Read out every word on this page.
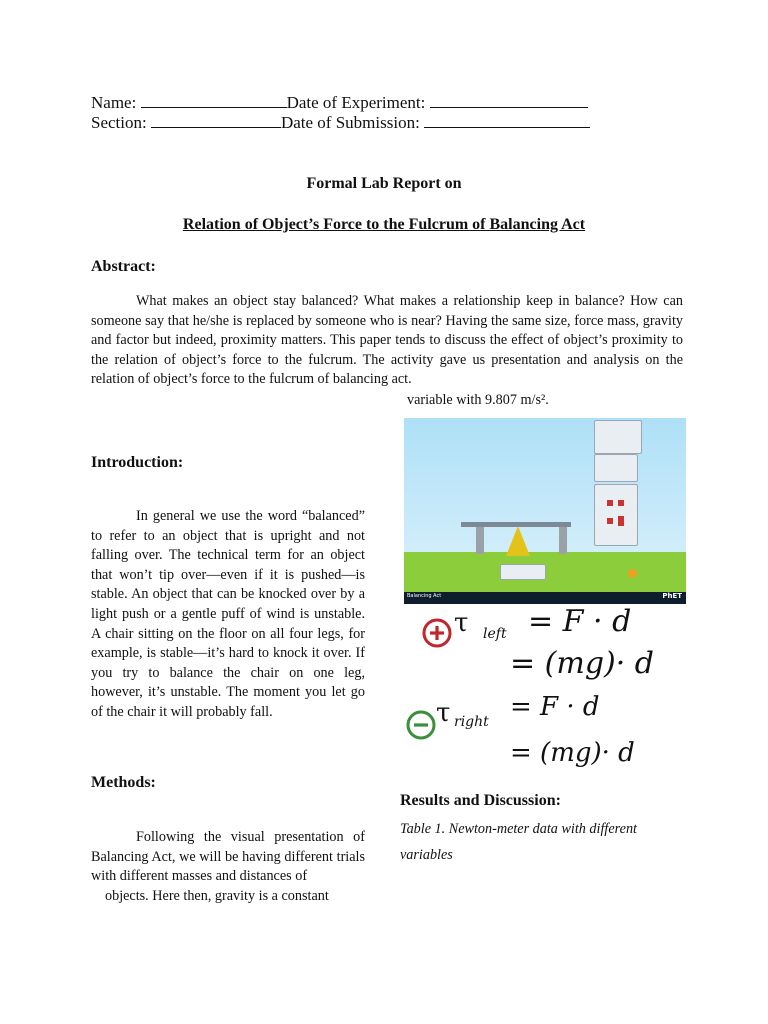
Name:	Date of Experiment:
Section:	Date of Submission:
Formal Lab Report on
Relation of Object’s Force to the Fulcrum of Balancing Act
Abstract:

What makes an object stay balanced? What makes a relationship keep in balance? How can someone say that he/she is replaced by someone who is near? Having the same size, force mass, gravity and factor but indeed, proximity matters. This paper tends to discuss the effect of object’s proximity to the relation of object’s force to the fulcrum. The activity gave us presentation and analysis on the relation of object’s force to the fulcrum of balancing act.

variable with 9.807 m/s².
Introduction:

In general we use the word “balanced” to refer to an object that is upright and not falling over. The technical term for an object that won’t tip over—even if it is pushed—is stable. An object that can be knocked over by a light push or a gentle puff of wind is unstable. A chair sitting on the floor on all four legs, for example, is stable—it’s hard to knock it over. If you try to balance the chair on one leg, however, it’s unstable. The moment you let go of the chair it will probably fall.

Methods:

Following the visual presentation of Balancing Act, we will be having different trials with different masses and distances of

objects. Here then, gravity is a constant
Balancing Act	PhET
τ left = F · d
= (mg)· d
τ right = F · d
= (mg)· d
Results and Discussion:
Table 1. Newton-meter data with different variables
